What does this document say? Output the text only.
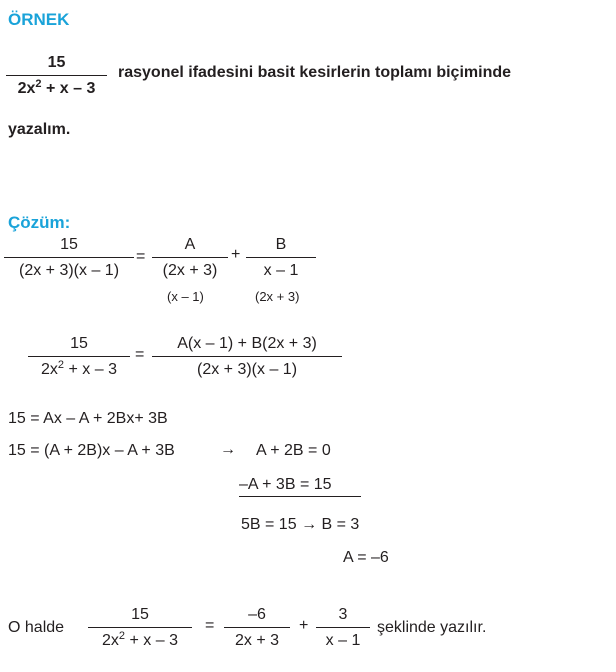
ÖRNEK
15
$2x^2 + x - 3$
rasyonel ifadesini basit kesirlerin toplamı biçiminde
yazalım.
Çözüm:
15
(2x + 3)(x – 1)
=
A
(2x + 3)
(x – 1)
+
B
x – 1
(2x + 3)
15
$2x^2 + x - 3$
=
A(x – 1) + B(2x + 3)
(2x + 3)(x – 1)
15 = Ax – A + 2Bx+ 3B
15 = (A + 2B)x – A + 3B	→ A + 2B = 0
–A + 3B = 15
5B = 15 → B = 3
A = –6
O halde
15
$2x^2 + x - 3$
=
–6
2x + 3
+
3
x – 1
şeklinde yazılır.
